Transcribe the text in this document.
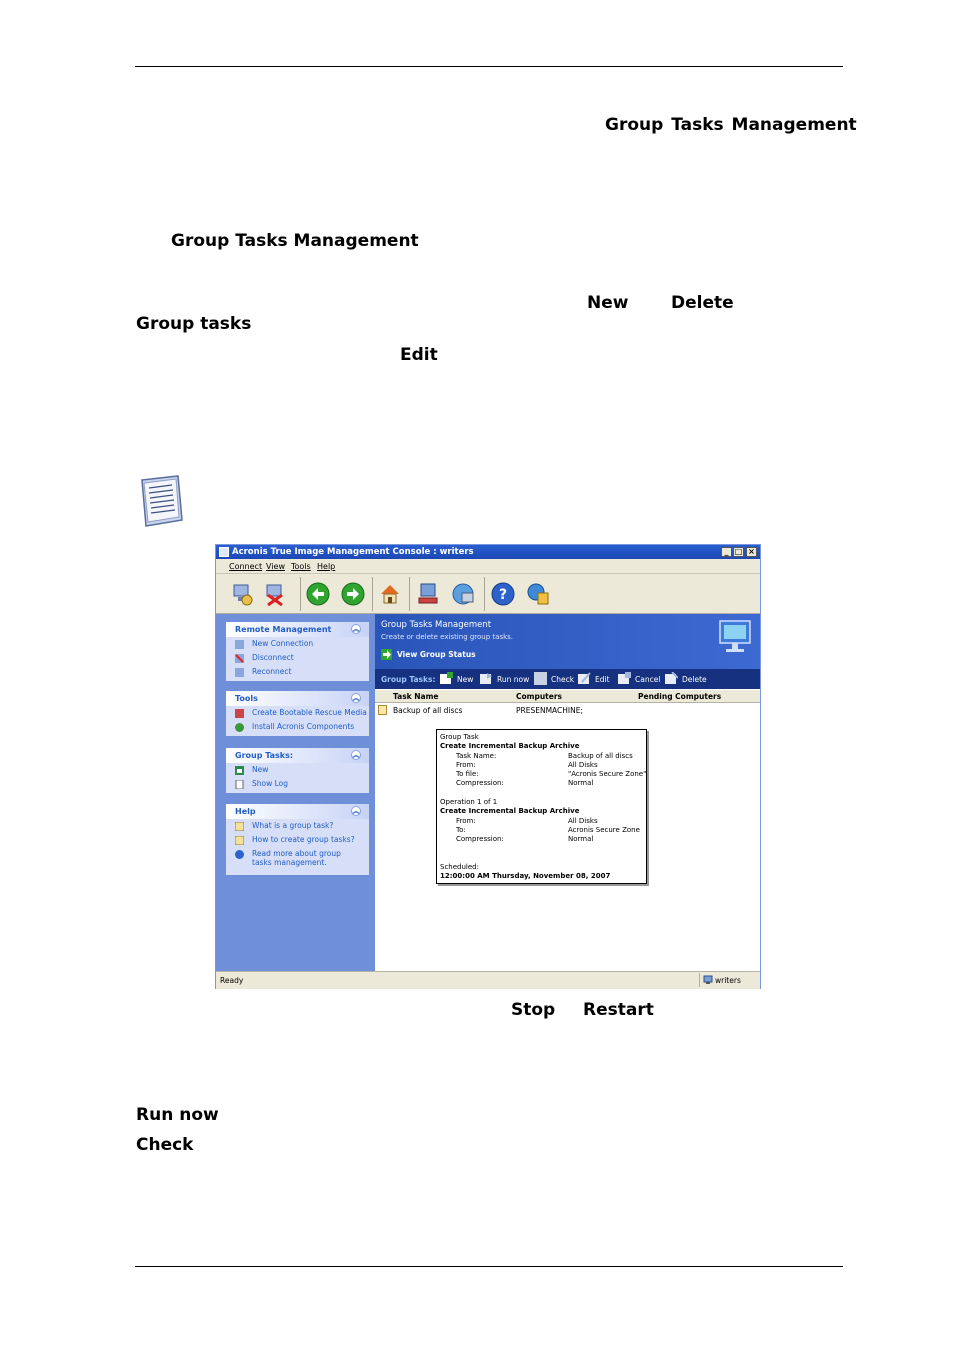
Group Tasks Management
Group Tasks Management
New	Delete
Group tasks
Edit
Acronis True Image Management Console : writers	_ □ ×
Connect View Tools Help
?
Remote Management	︽
New Connection
Disconnect
Reconnect
Tools	︽
Create Bootable Rescue Media
Install Acronis Components
Group Tasks:	︽
New
Show Log
Help	︽
What is a group task?
How to create group tasks?
Read more about group tasks management.
Group Tasks Management
Create or delete existing group tasks.
View Group Status
Group Tasks:	New	Run now	Check	Edit	Cancel	Delete
Task Name	Computers	Pending Computers
Backup of all discs	PRESENMACHINE;
Group Task
Create Incremental Backup Archive
Task Name:	Backup of all discs
From:	All Disks
To file:	"Acronis Secure Zone"
Compression:	Normal
Operation 1 of 1
Create Incremental Backup Archive
From:	All Disks
To:	Acronis Secure Zone
Compression:	Normal
Scheduled:
12:00:00 AM Thursday, November 08, 2007
Ready	writers
Stop Restart
Run now
Check
